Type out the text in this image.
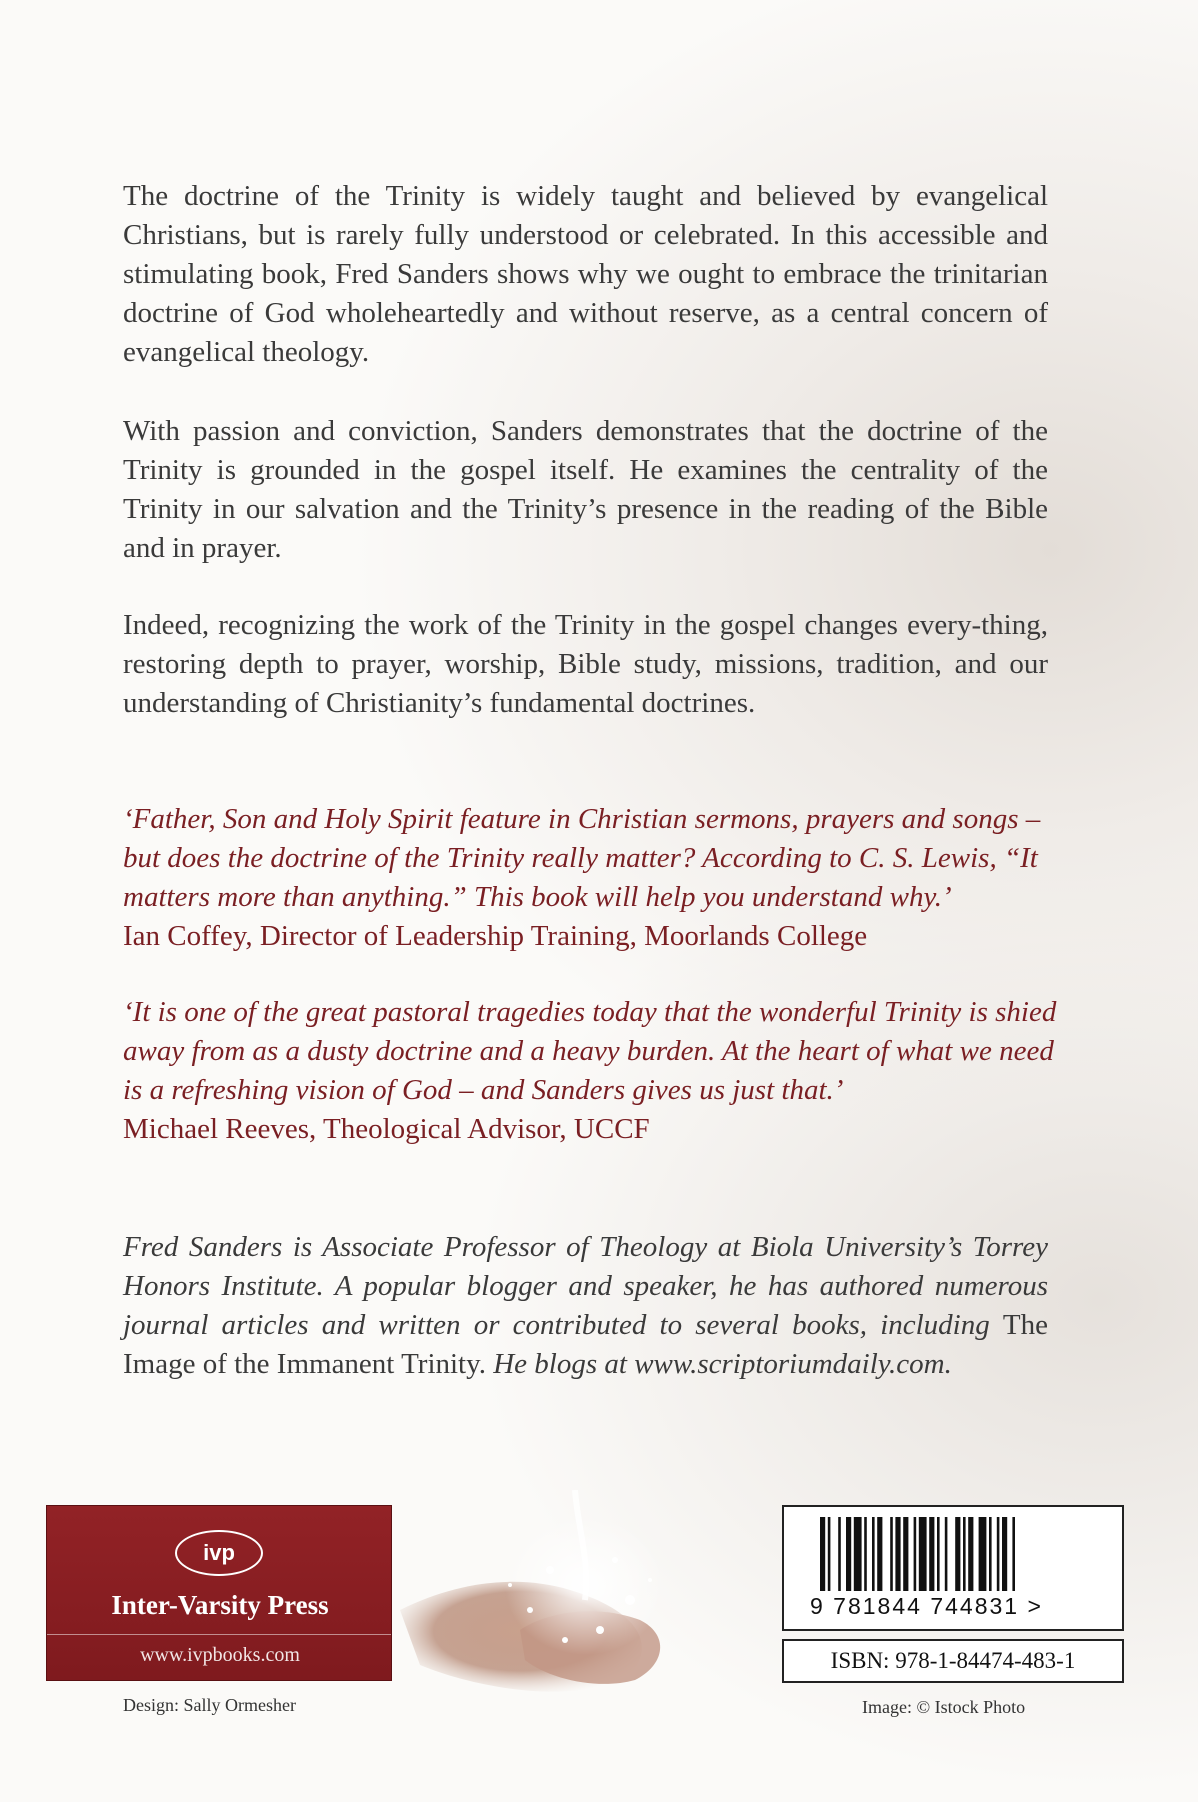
The doctrine of the Trinity is widely taught and believed by evangelical Christians, but is rarely fully understood or celebrated. In this accessible and stimulating book, Fred Sanders shows why we ought to embrace the trinitarian doctrine of God wholeheartedly and without reserve, as a central concern of evangelical theology.

With passion and conviction, Sanders demonstrates that the doctrine of the Trinity is grounded in the gospel itself. He examines the centrality of the Trinity in our salvation and the Trinity’s presence in the reading of the Bible and in prayer.

Indeed, recognizing the work of the Trinity in the gospel changes every-thing, restoring depth to prayer, worship, Bible study, missions, tradition, and our understanding of Christianity’s fundamental doctrines.

‘Father, Son and Holy Spirit feature in Christian sermons, prayers and songs – but does the doctrine of the Trinity really matter? According to C. S. Lewis, “It matters more than anything.” This book will help you understand why.’
Ian Coffey, Director of Leadership Training, Moorlands College
‘It is one of the great pastoral tragedies today that the wonderful Trinity is shied away from as a dusty doctrine and a heavy burden. At the heart of what we need is a refreshing vision of God – and Sanders gives us just that.’
Michael Reeves, Theological Advisor, UCCF

Fred Sanders is Associate Professor of Theology at Biola University’s Torrey Honors Institute. A popular blogger and speaker, he has authored numerous journal articles and written or contributed to several books, including The Image of the Immanent Trinity. He blogs at www.scriptoriumdaily.com.

ivp
Inter-Varsity Press
www.ivpbooks.com
9 781844 744831 >
ISBN: 978-1-84474-483-1
Design: Sally Ormesher	Image: © Istock Photo
